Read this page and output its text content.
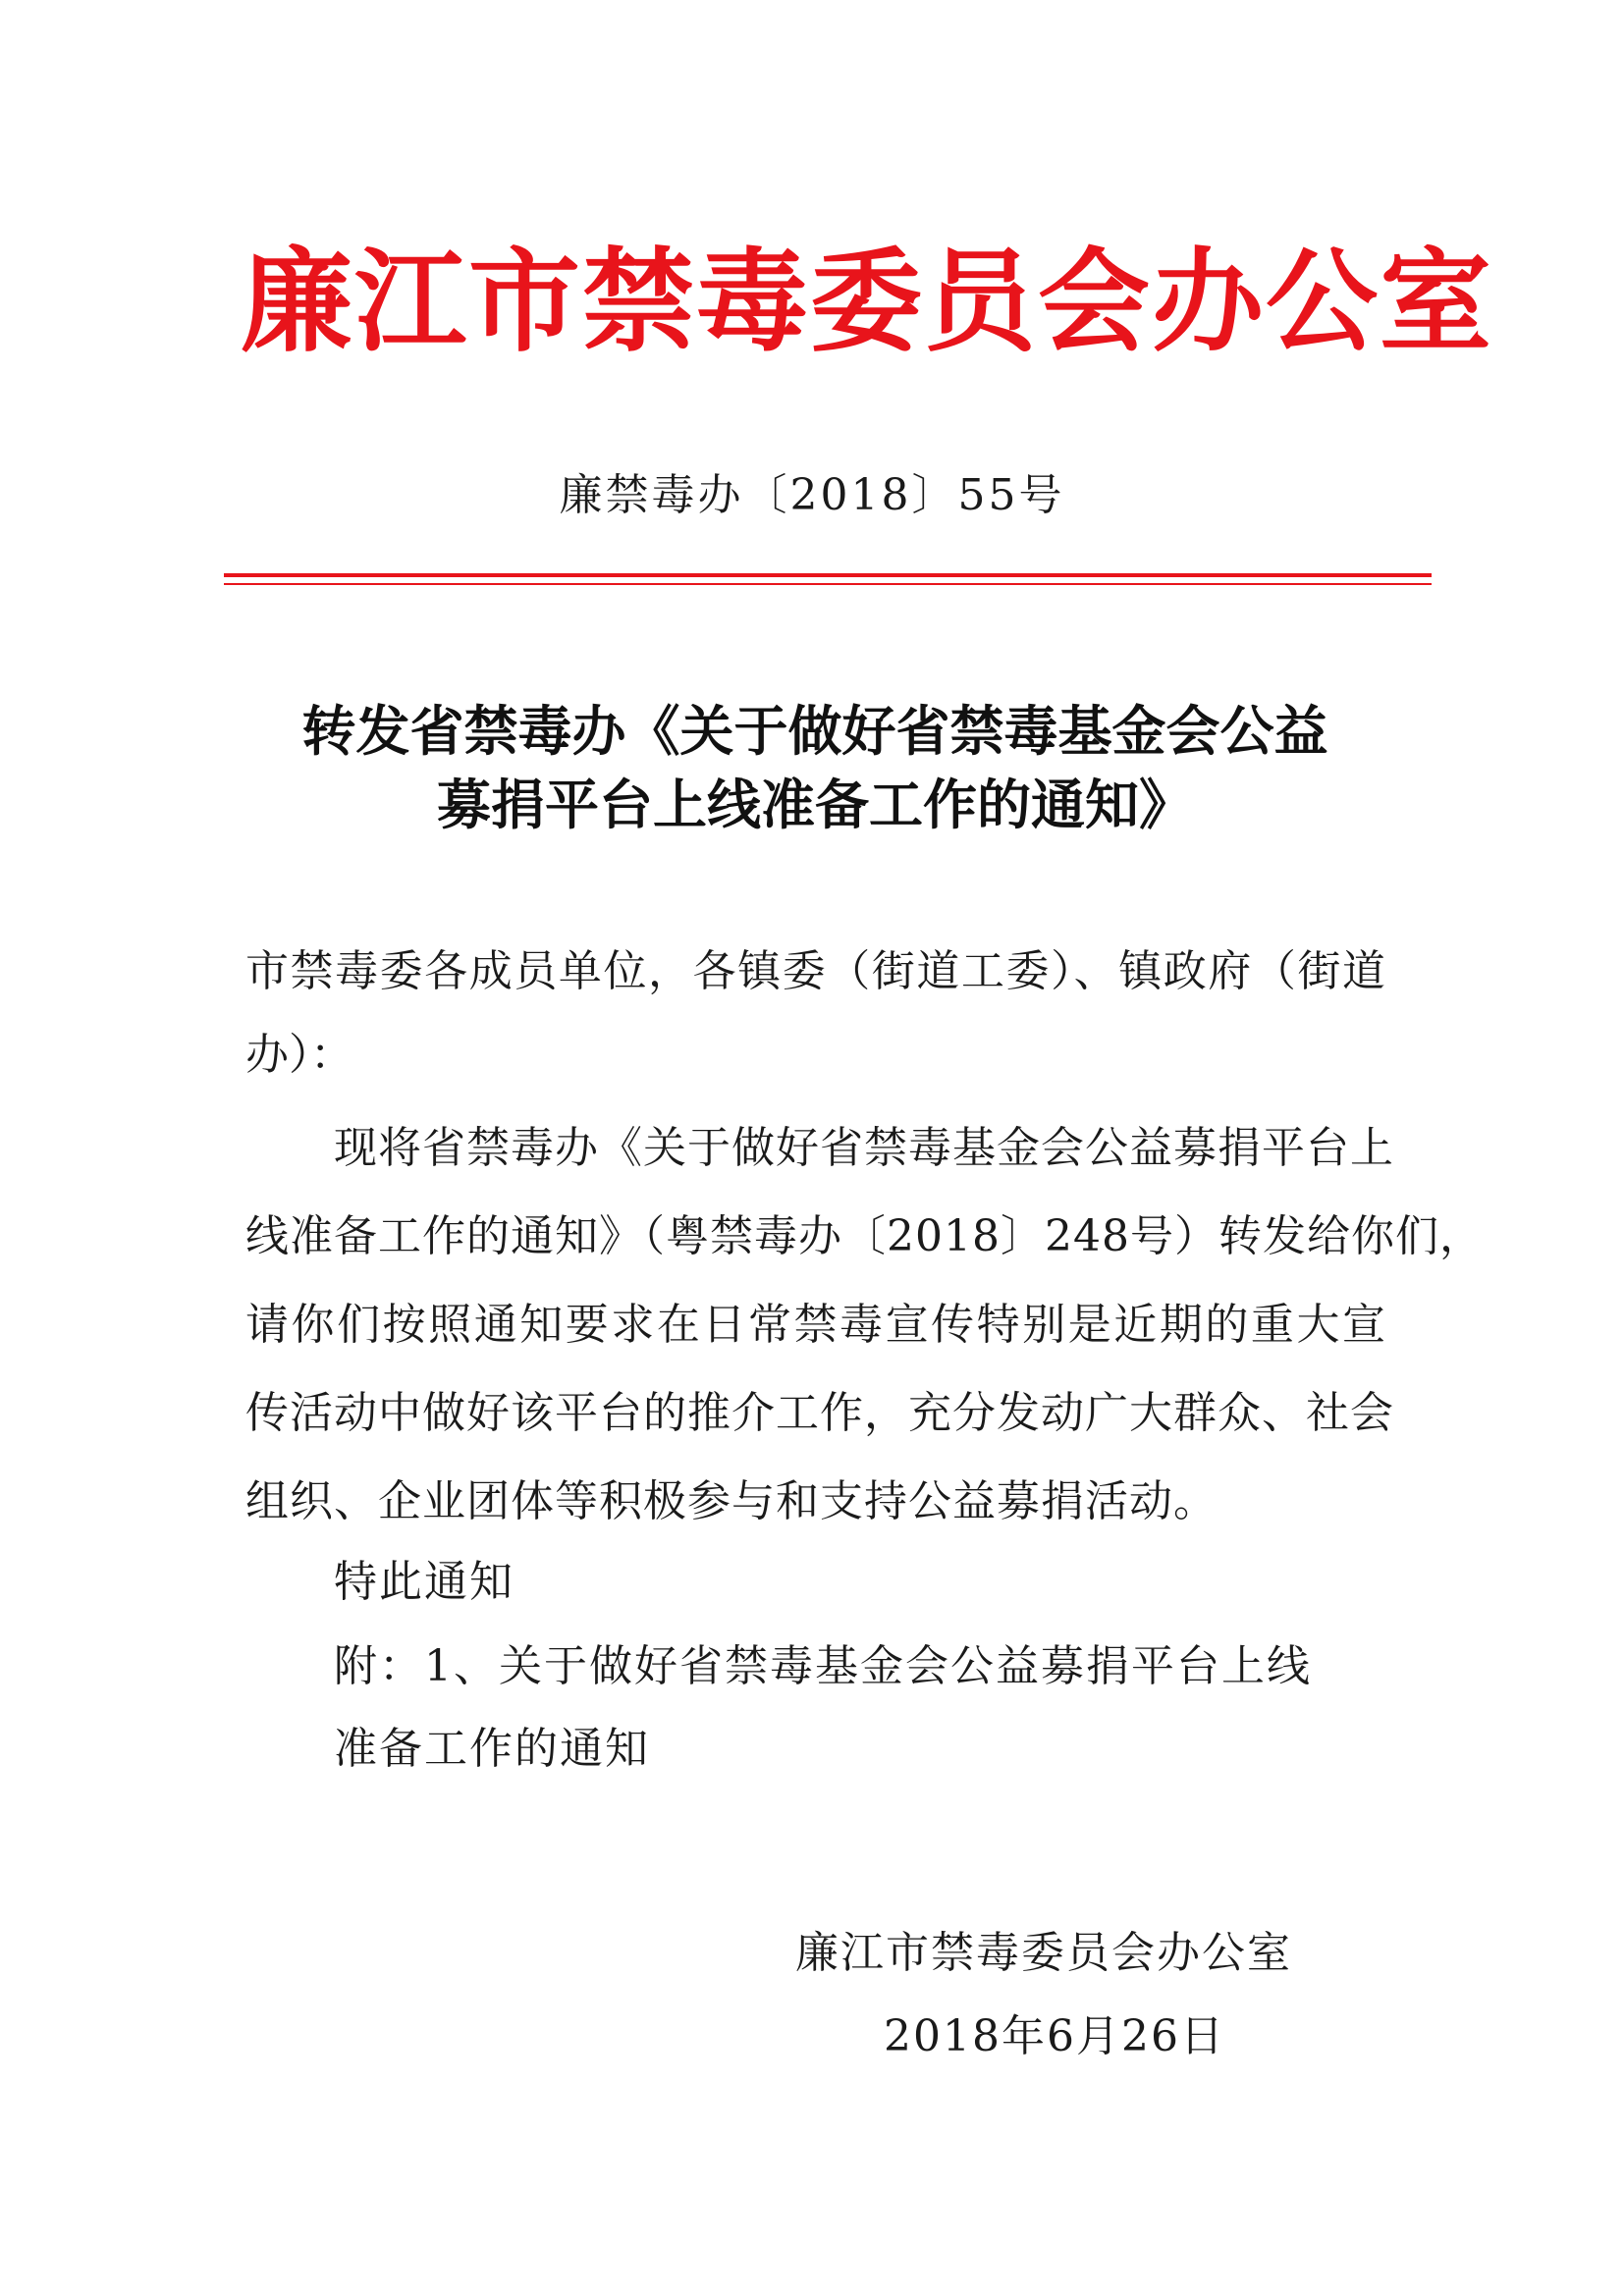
廉江市禁毒委员会办公室
廉禁毒办〔2018〕55号
转发省禁毒办《关于做好省禁毒基金会公益
募捐平台上线准备工作的通知》
市禁毒委各成员单位，各镇委（街道工委）、镇政府（街道
办）：
现将省禁毒办《关于做好省禁毒基金会公益募捐平台上
线准备工作的通知》（粤禁毒办〔2018〕248号）转发给你们，
请你们按照通知要求在日常禁毒宣传特别是近期的重大宣
传活动中做好该平台的推介工作，充分发动广大群众、社会
组织、企业团体等积极参与和支持公益募捐活动。
特此通知
附：1、关于做好省禁毒基金会公益募捐平台上线
准备工作的通知
廉江市禁毒委员会办公室
2018年6月26日
